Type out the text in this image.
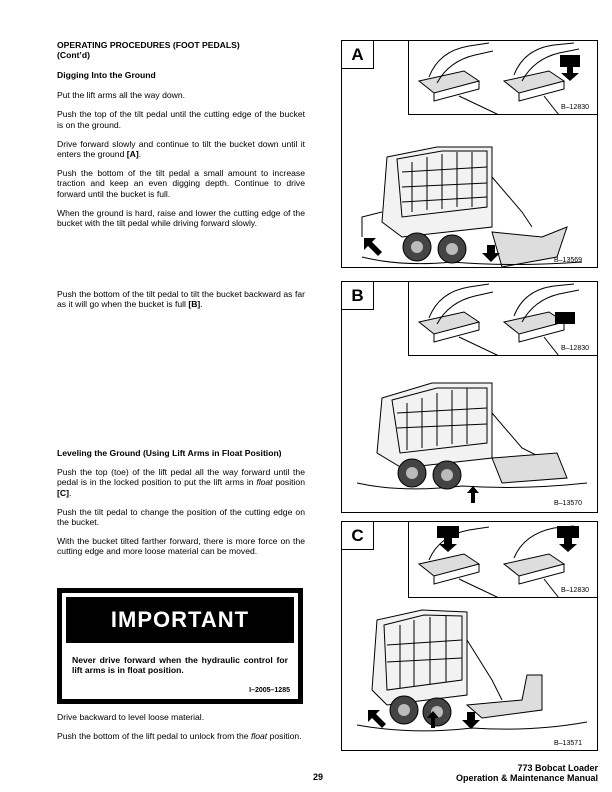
OPERATING PROCEDURES (FOOT PEDALS)
(Cont’d)

Digging Into the Ground

Put the lift arms all the way down.

Push the top of the tilt pedal until the cutting edge of the bucket is on the ground.

Drive forward slowly and continue to tilt the bucket down until it enters the ground [A].

Push the bottom of the tilt pedal a small amount to increase traction and keep an even digging depth. Continue to drive forward until the bucket is full.

When the ground is hard, raise and lower the cutting edge of the bucket with the tilt pedal while driving forward slowly.

Push the bottom of the tilt pedal to tilt the bucket backward as far as it will go when the bucket is full [B].

Leveling the Ground (Using Lift Arms in Float Position)

Push the top (toe) of the lift pedal all the way forward until the pedal is in the locked position to put the lift arms in float position [C].

Push the tilt pedal to change the position of the cutting edge on the bucket.

With the bucket tilted farther forward, there is more force on the cutting edge and more loose material can be moved.

IMPORTANT
Never drive forward when the hydraulic control for lift arms is in float position.
I–2005–1285

Drive backward to level loose material.

Push the bottom of the lift pedal to unlock from the float position.

A
B–12830
B–13569
B
B–12830
B–13570
C
B–12830
B–13571
29
773 Bobcat Loader
Operation & Maintenance Manual
